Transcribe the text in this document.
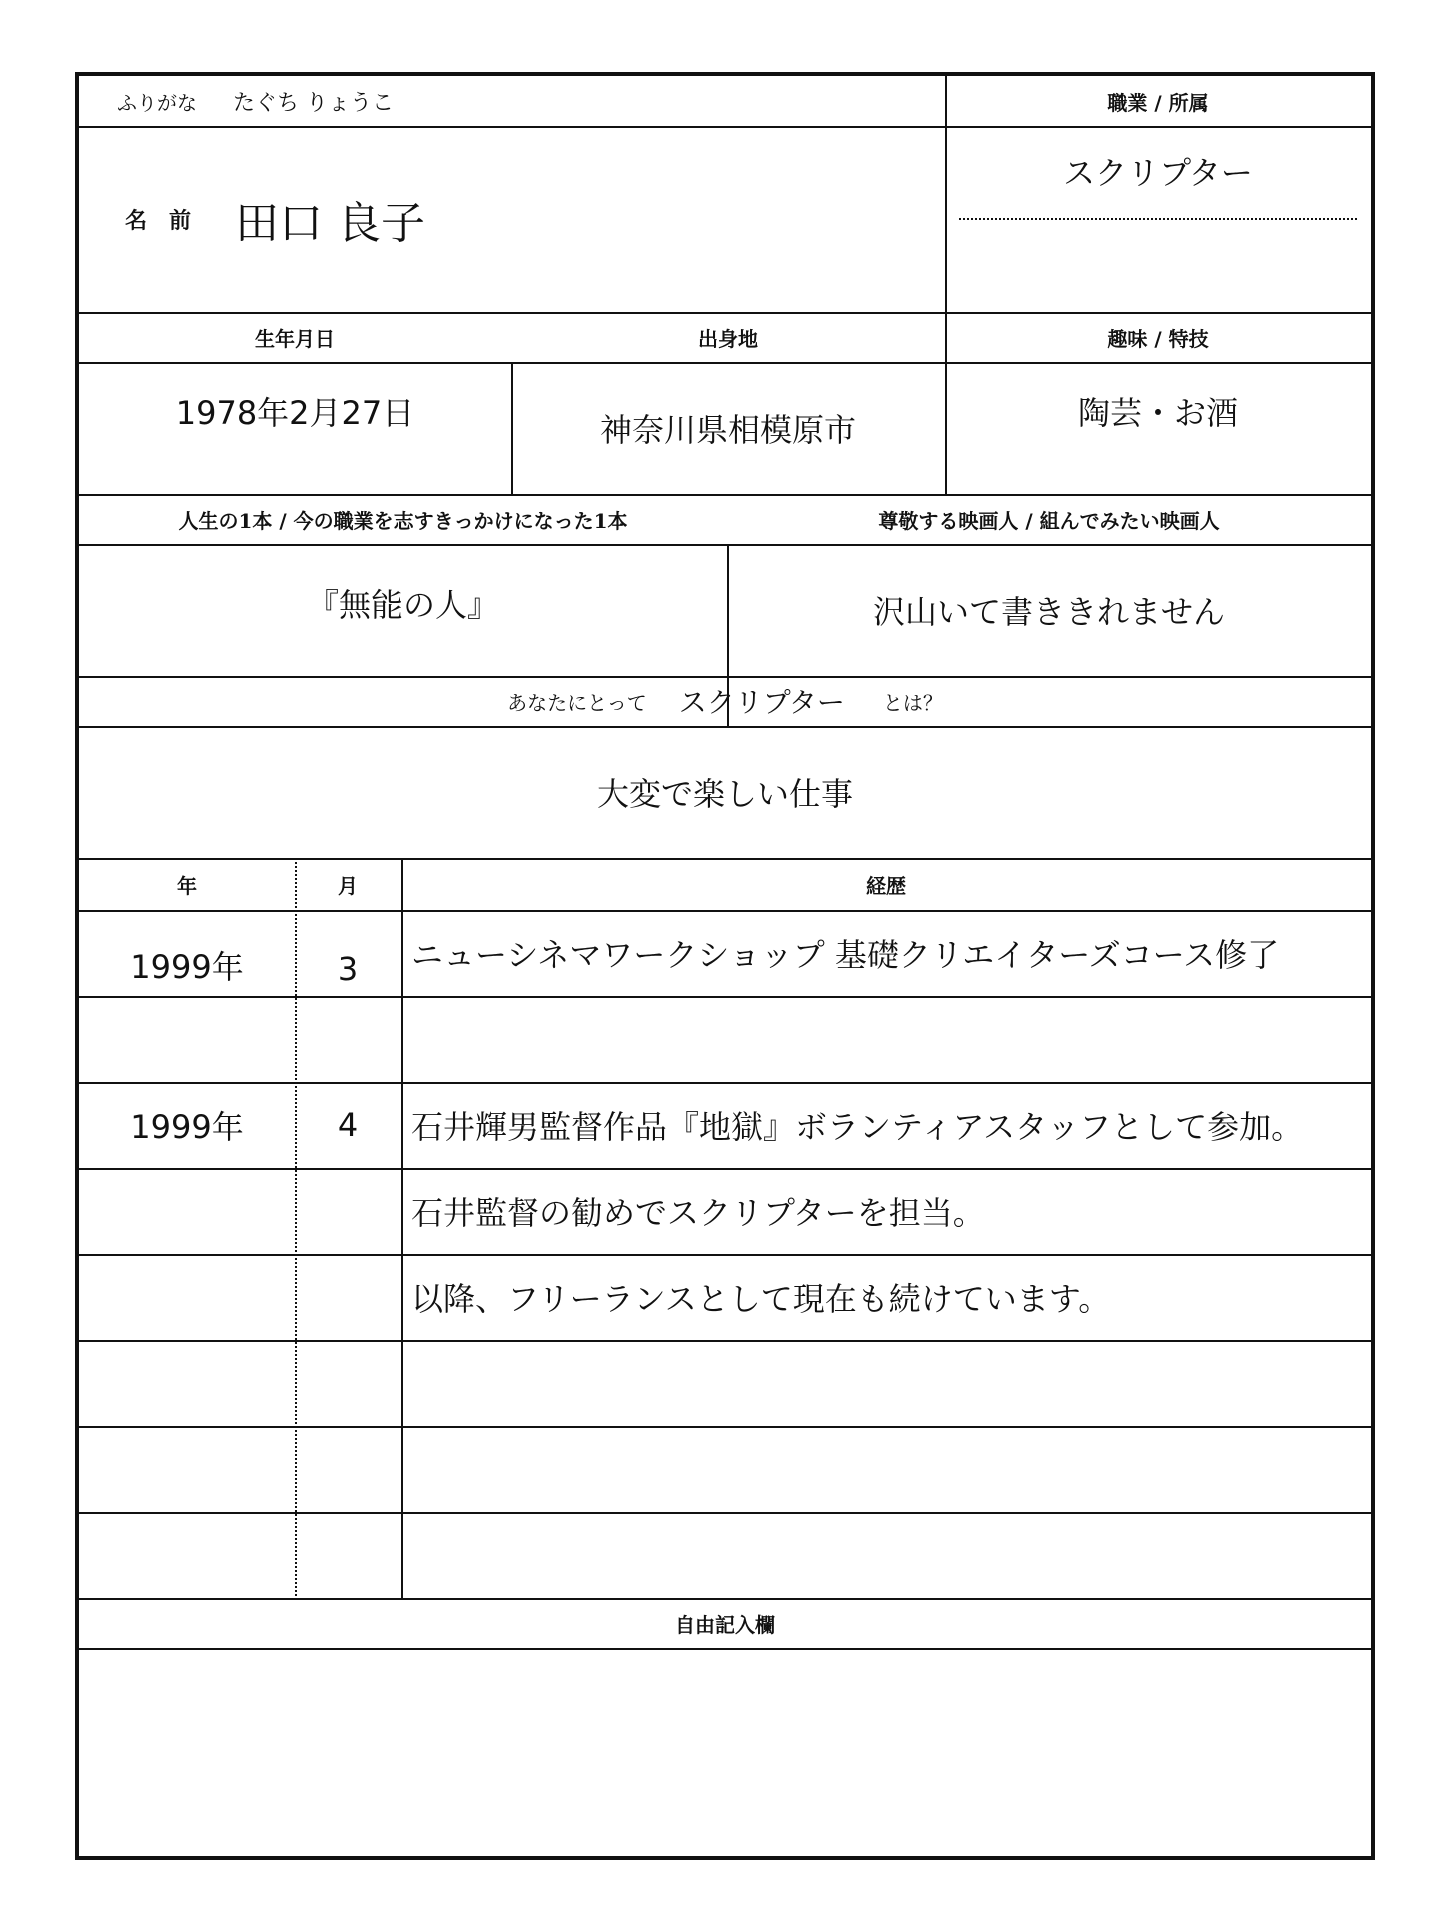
ふりがな たぐち りょうこ	職業 / 所属
名　前 田口 良子
スクリプター
生年月日	出身地	趣味 / 特技
1978年2月27日	神奈川県相模原市	陶芸・お酒
人生の1本 / 今の職業を志すきっかけになった1本	尊敬する映画人 / 組んでみたい映画人
『無能の人』	沢山いて書ききれません
あなたにとって スクリプター とは？
大変で楽しい仕事
年	月	経歴
1999年	3 ニューシネマワークショップ 基礎クリエイターズコース修了
1999年	4 石井輝男監督作品『地獄』ボランティアスタッフとして参加。
石井監督の勧めでスクリプターを担当。
以降、フリーランスとして現在も続けています。
自由記入欄
